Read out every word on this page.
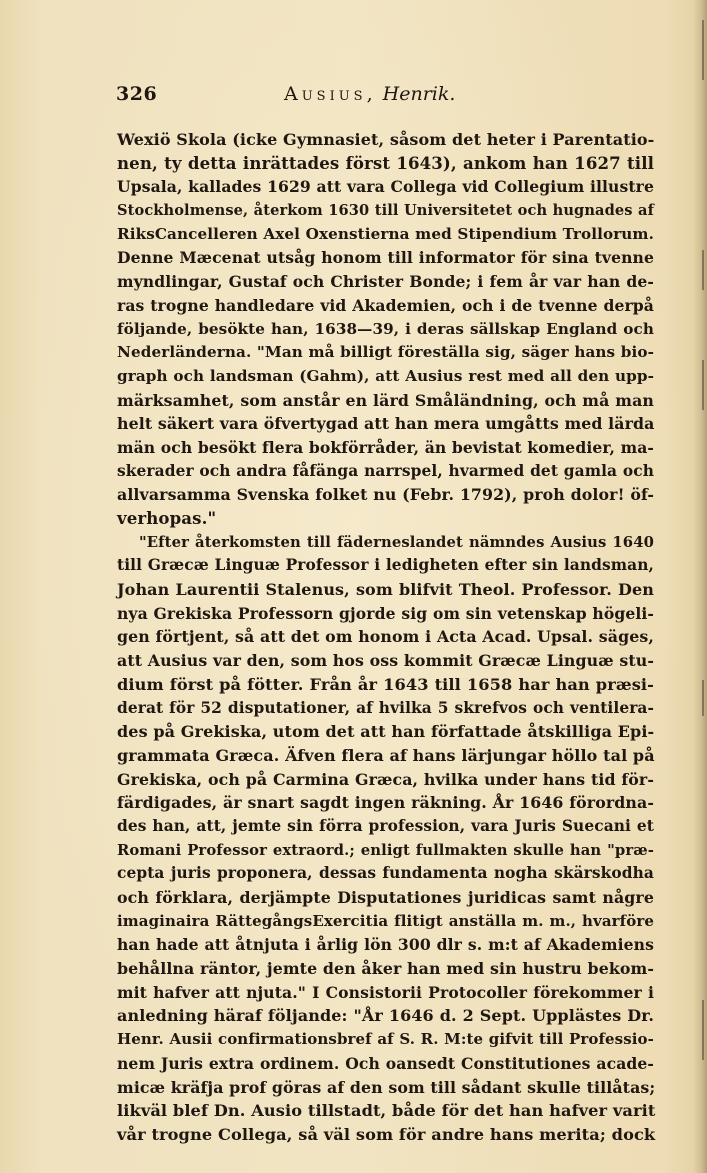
326	Ausius, Henrik.
Wexiö Skola (icke Gymnasiet, såsom det heter i Parentatio-
nen, ty detta inrättades först 1643), ankom han 1627 till
Upsala, kallades 1629 att vara Collega vid Collegium illustre
Stockholmense, återkom 1630 till Universitetet och hugnades af
RiksCancelleren Axel Oxenstierna med Stipendium Trollorum.
Denne Mæcenat utsåg honom till informator för sina tvenne
myndlingar, Gustaf och Christer Bonde; i fem år var han de-
ras trogne handledare vid Akademien, och i de tvenne derpå
följande, besökte han, 1638—39, i deras sällskap England och
Nederländerna. "Man må billigt föreställa sig, säger hans bio-
graph och landsman (Gahm), att Ausius rest med all den upp-
märksamhet, som anstår en lärd Småländning, och må man
helt säkert vara öfvertygad att han mera umgåtts med lärda
män och besökt flera bokförråder, än bevistat komedier, ma-
skerader och andra fåfänga narrspel, hvarmed det gamla och
allvarsamma Svenska folket nu (Febr. 1792), proh dolor! öf-
verhopas."
"Efter återkomsten till fäderneslandet nämndes Ausius 1640
till Græcæ Linguæ Professor i ledigheten efter sin landsman,
Johan Laurentii Stalenus, som blifvit Theol. Professor. Den
nya Grekiska Professorn gjorde sig om sin vetenskap högeli-
gen förtjent, så att det om honom i Acta Acad. Upsal. säges,
att Ausius var den, som hos oss kommit Græcæ Linguæ stu-
dium först på fötter. Från år 1643 till 1658 har han præsi-
derat för 52 disputationer, af hvilka 5 skrefvos och ventilera-
des på Grekiska, utom det att han författade åtskilliga Epi-
grammata Græca. Äfven flera af hans lärjungar höllo tal på
Grekiska, och på Carmina Græca, hvilka under hans tid för-
färdigades, är snart sagdt ingen räkning. År 1646 förordna-
des han, att, jemte sin förra profession, vara Juris Suecani et
Romani Professor extraord.; enligt fullmakten skulle han "præ-
cepta juris proponera, dessas fundamenta nogha skärskodha
och förklara, derjämpte Disputationes juridicas samt någre
imaginaira RättegångsExercitia flitigt anställa m. m., hvarföre
han hade att åtnjuta i årlig lön 300 dlr s. m:t af Akademiens
behållna räntor, jemte den åker han med sin hustru bekom-
mit hafver att njuta." I Consistorii Protocoller förekommer i
anledning häraf följande: "År 1646 d. 2 Sept. Upplästes Dr.
Henr. Ausii confirmationsbref af S. R. M:te gifvit till Professio-
nem Juris extra ordinem. Och oansedt Constitutiones acade-
micæ kräfja prof göras af den som till sådant skulle tillåtas;
likväl blef Dn. Ausio tillstadt, både för det han hafver varit
vår trogne Collega, så väl som för andre hans merita; dock
